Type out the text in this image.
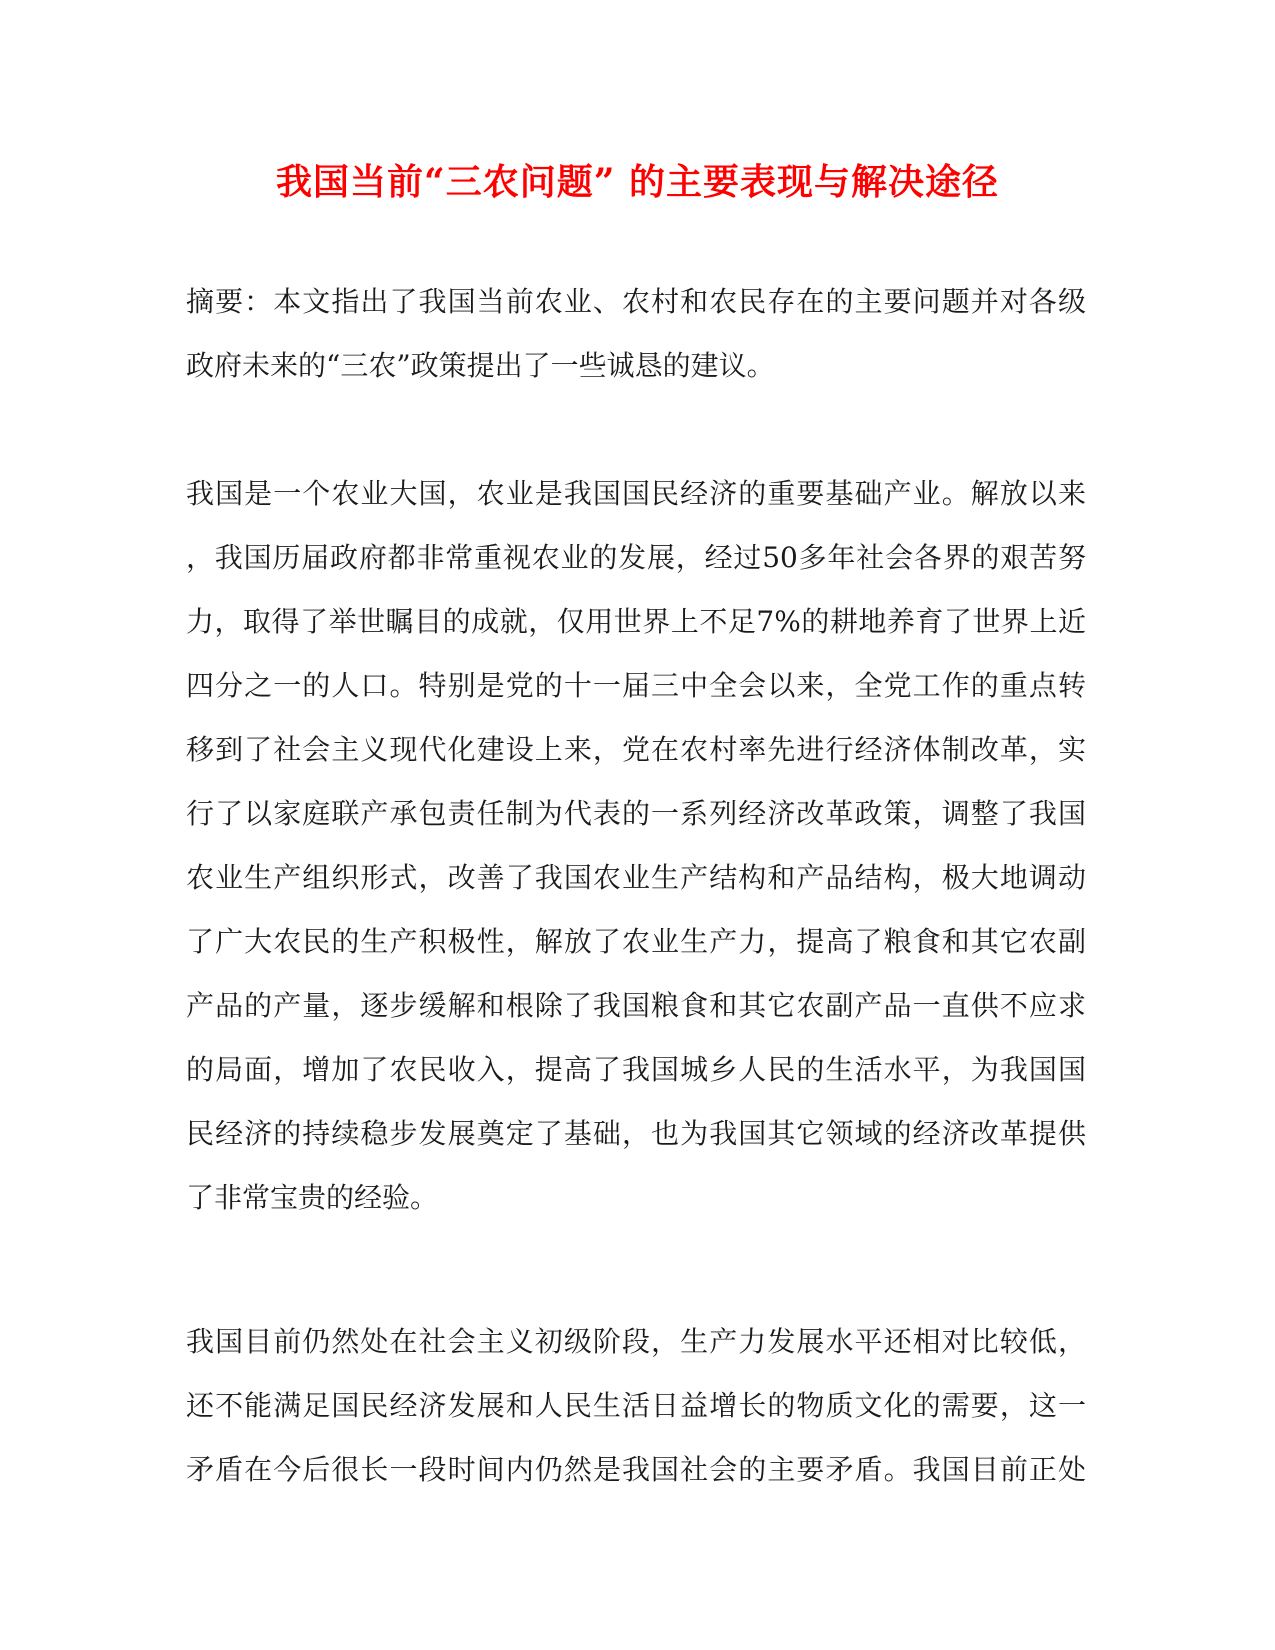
我国当前“三农问题” 的主要表现与解决途径
摘要：本文指出了我国当前农业、农村和农民存在的主要问题并对各级
政府未来的“三农”政策提出了一些诚恳的建议。
我国是一个农业大国，农业是我国国民经济的重要基础产业。解放以来
，我国历届政府都非常重视农业的发展，经过50多年社会各界的艰苦努
力，取得了举世瞩目的成就，仅用世界上不足7%的耕地养育了世界上近
四分之一的人口。特别是党的十一届三中全会以来，全党工作的重点转
移到了社会主义现代化建设上来，党在农村率先进行经济体制改革，实
行了以家庭联产承包责任制为代表的一系列经济改革政策，调整了我国
农业生产组织形式，改善了我国农业生产结构和产品结构，极大地调动
了广大农民的生产积极性，解放了农业生产力，提高了粮食和其它农副
产品的产量，逐步缓解和根除了我国粮食和其它农副产品一直供不应求
的局面，增加了农民收入，提高了我国城乡人民的生活水平，为我国国
民经济的持续稳步发展奠定了基础，也为我国其它领域的经济改革提供
了非常宝贵的经验。
我国目前仍然处在社会主义初级阶段，生产力发展水平还相对比较低，
还不能满足国民经济发展和人民生活日益增长的物质文化的需要，这一
矛盾在今后很长一段时间内仍然是我国社会的主要矛盾。我国目前正处
